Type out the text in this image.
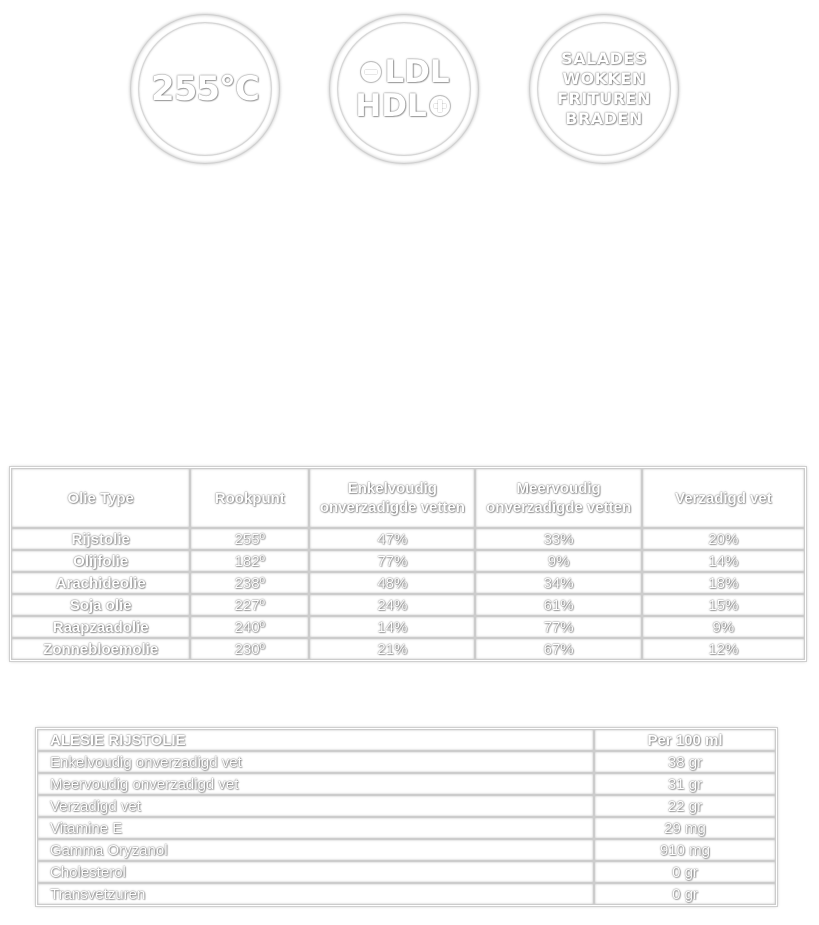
255°C	LDL
HDL
SALADES
WOKKEN
FRITUREN
BRADEN
Olie Type	Rookpunt	Enkelvoudig onverzadigde vetten	Meervoudig onverzadigde vetten	Verzadigd vet
Rijstolie	255º	47%	33%	20%
Olijfolie	182º	77%	9%	14%
Arachideolie	238º	48%	34%	18%
Soja olie	227º	24%	61%	15%
Raapzaadolie	240º	14%	77%	9%
Zonnebloemolie	230º	21%	67%	12%
ALESIE RIJSTOLIE	Per 100 ml
Enkelvoudig onverzadigd vet	38 gr
Meervoudig onverzadigd vet	31 gr
Verzadigd vet	22 gr
Vitamine E	29 mg
Gamma Oryzanol	910 mg
Cholesterol	0 gr
Transvetzuren	0 gr
